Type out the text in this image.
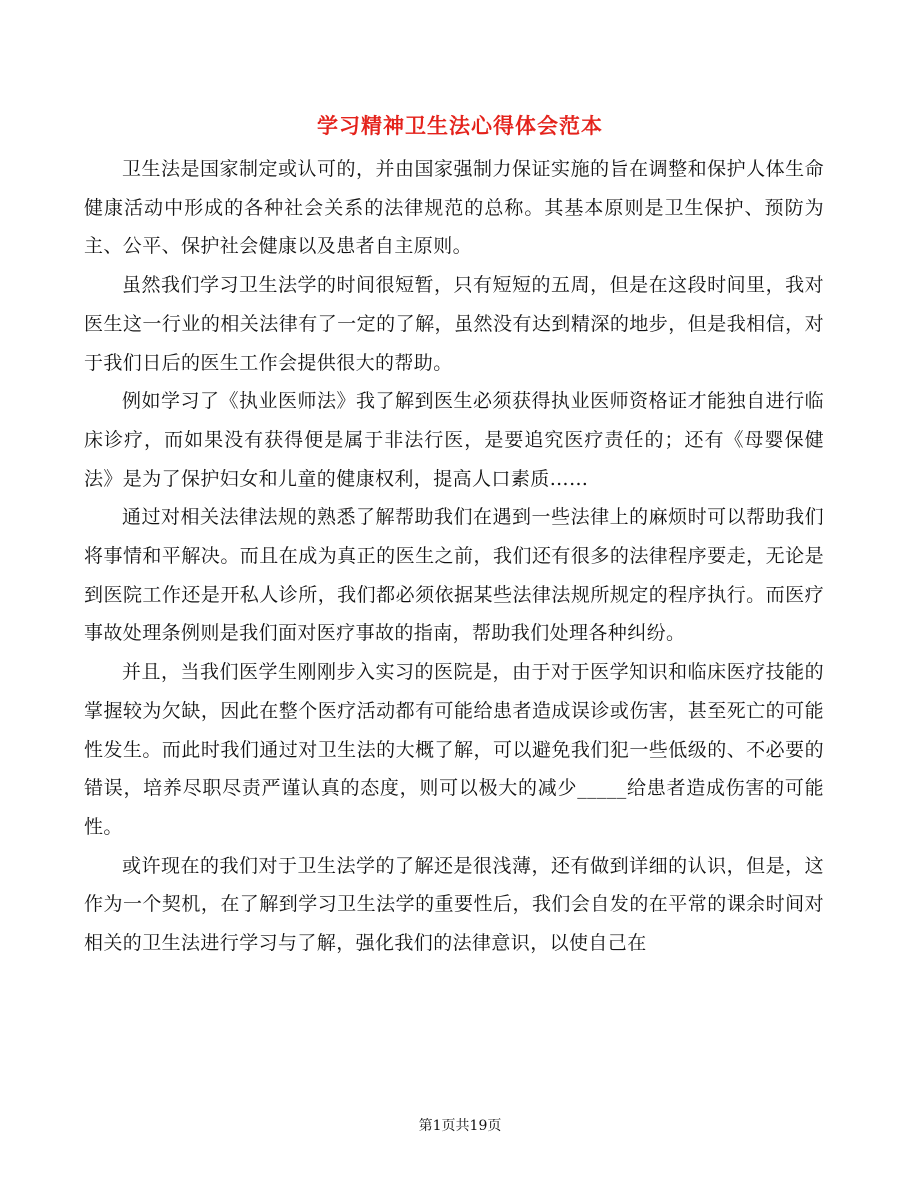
学习精神卫生法心得体会范本

卫生法是国家制定或认可的，并由国家强制力保证实施的旨在调整和保护人体生命健康活动中形成的各种社会关系的法律规范的总称。其基本原则是卫生保护、预防为主、公平、保护社会健康以及患者自主原则。

虽然我们学习卫生法学的时间很短暂，只有短短的五周，但是在这段时间里，我对医生这一行业的相关法律有了一定的了解，虽然没有达到精深的地步，但是我相信，对于我们日后的医生工作会提供很大的帮助。

例如学习了《执业医师法》我了解到医生必须获得执业医师资格证才能独自进行临床诊疗，而如果没有获得便是属于非法行医，是要追究医疗责任的；还有《母婴保健法》是为了保护妇女和儿童的健康权利，提高人口素质……

通过对相关法律法规的熟悉了解帮助我们在遇到一些法律上的麻烦时可以帮助我们将事情和平解决。而且在成为真正的医生之前，我们还有很多的法律程序要走，无论是到医院工作还是开私人诊所，我们都必须依据某些法律法规所规定的程序执行。而医疗事故处理条例则是我们面对医疗事故的指南，帮助我们处理各种纠纷。

并且，当我们医学生刚刚步入实习的医院是，由于对于医学知识和临床医疗技能的掌握较为欠缺，因此在整个医疗活动都有可能给患者造成误诊或伤害，甚至死亡的可能性发生。而此时我们通过对卫生法的大概了解，可以避免我们犯一些低级的、不必要的错误，培养尽职尽责严谨认真的态度，则可以极大的减少_____给患者造成伤害的可能性。

或许现在的我们对于卫生法学的了解还是很浅薄，还有做到详细的认识，但是，这作为一个契机，在了解到学习卫生法学的重要性后，我们会自发的在平常的课余时间对相关的卫生法进行学习与了解，强化我们的法律意识，以使自己在

第1页共19页
